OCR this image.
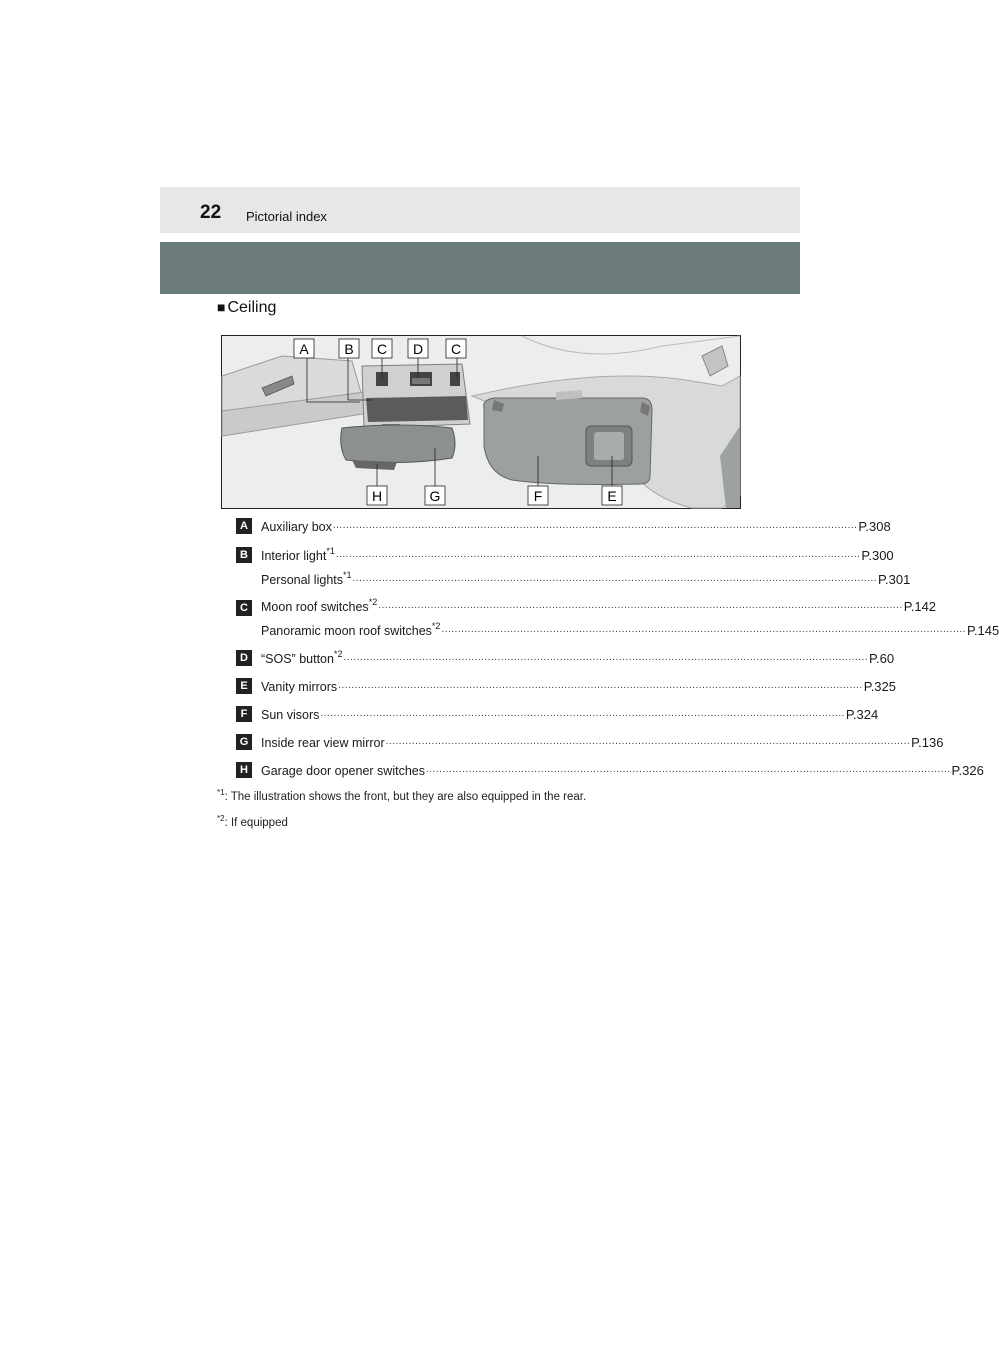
22 Pictorial index
■ Ceiling
A	B C D C
H	G	F	E
A	Auxiliary box ................................................................................................................................................................ P.308
B	Interior light$^{*1}$ ................................................................................................................................................................ P.300
Personal lights$^{*1}$ ................................................................................................................................................................ P.301
C	Moon roof switches$^{*2}$ ................................................................................................................................................................ P.142
Panoramic moon roof switches$^{*2}$ ................................................................................................................................................................ P.145
D	“SOS” button$^{*2}$ ................................................................................................................................................................ P.60
E	Vanity mirrors ................................................................................................................................................................ P.325
F	Sun visors ................................................................................................................................................................ P.324
G Inside rear view mirror ................................................................................................................................................................ P.136
H	Garage door opener switches ................................................................................................................................................................ P.326
$^{*1}$: The illustration shows the front, but they are also equipped in the rear.
$^{*2}$: If equipped
